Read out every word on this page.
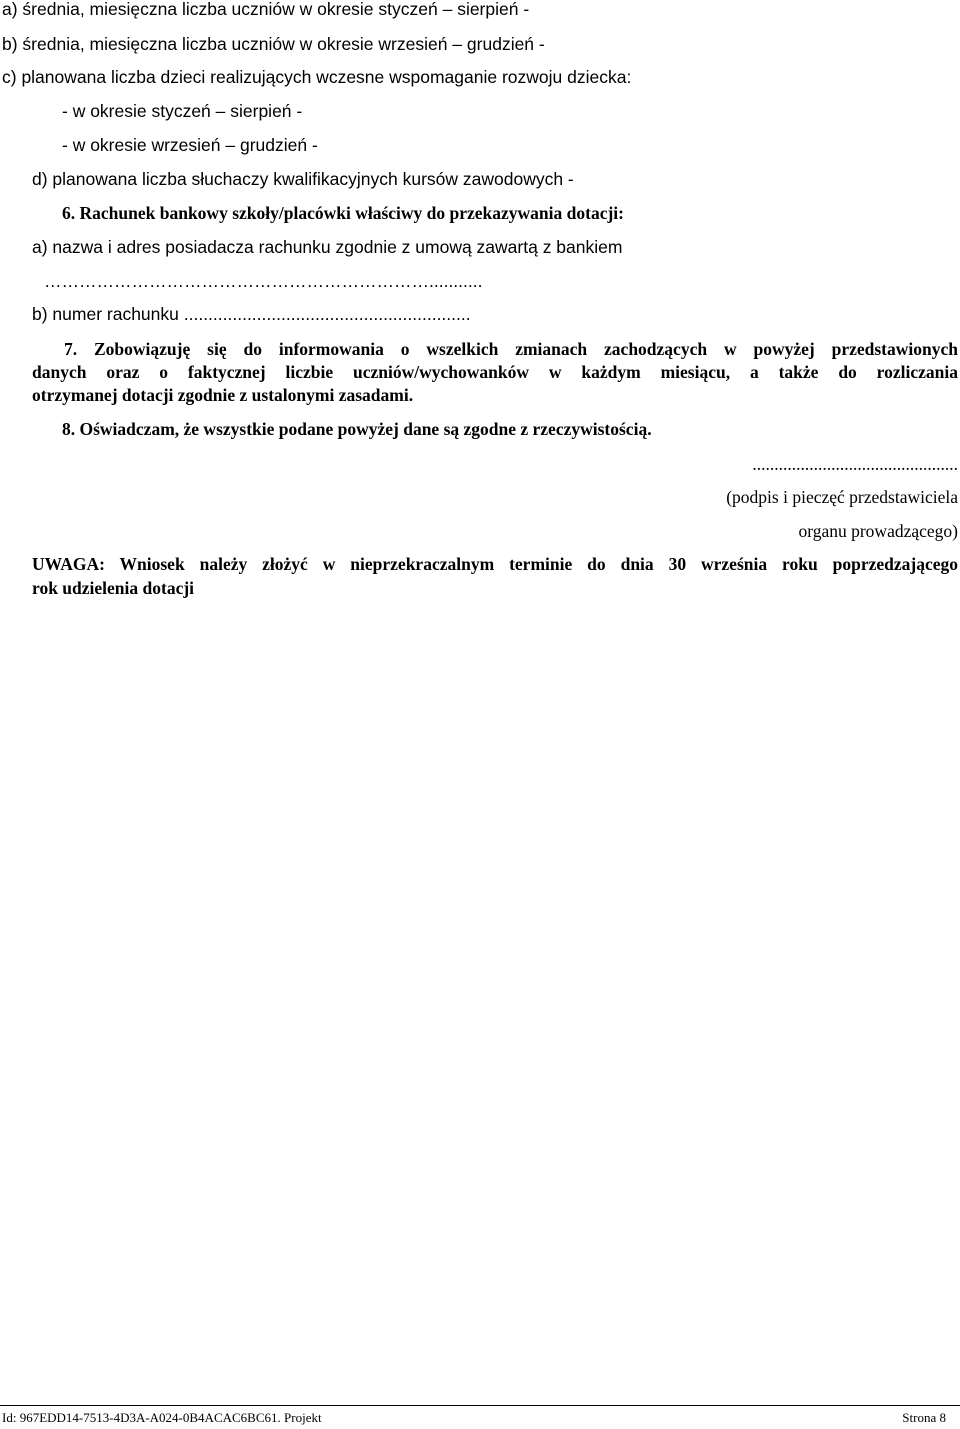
a) średnia, miesięczna liczba uczniów w okresie styczeń – sierpień -
b) średnia, miesięczna liczba uczniów w okresie wrzesień – grudzień -
c) planowana liczba dzieci realizujących wczesne wspomaganie rozwoju dziecka:
- w okresie styczeń – sierpień -
- w okresie wrzesień – grudzień -
d) planowana liczba słuchaczy kwalifikacyjnych kursów zawodowych -
6. Rachunek bankowy szkoły/placówki właściwy do przekazywania dotacji:
a) nazwa i adres posiadacza rachunku zgodnie z umową zawartą z bankiem
…………………………………………………………...........
b) numer rachunku ...........................................................
7. Zobowiązuję się do informowania o wszelkich zmianach zachodzących w powyżej przedstawionych
danych oraz o faktycznej liczbie uczniów/wychowanków w każdym miesiącu, a także do rozliczania
otrzymanej dotacji zgodnie z ustalonymi zasadami.
8. Oświadczam, że wszystkie podane powyżej dane są zgodne z rzeczywistością.
...............................................
(podpis i pieczęć przedstawiciela
organu prowadzącego)
UWAGA: Wniosek należy złożyć w nieprzekraczalnym terminie do dnia 30 września roku poprzedzającego
rok udzielenia dotacji
Id: 967EDD14-7513-4D3A-A024-0B4ACAC6BC61. Projekt	Strona 8
